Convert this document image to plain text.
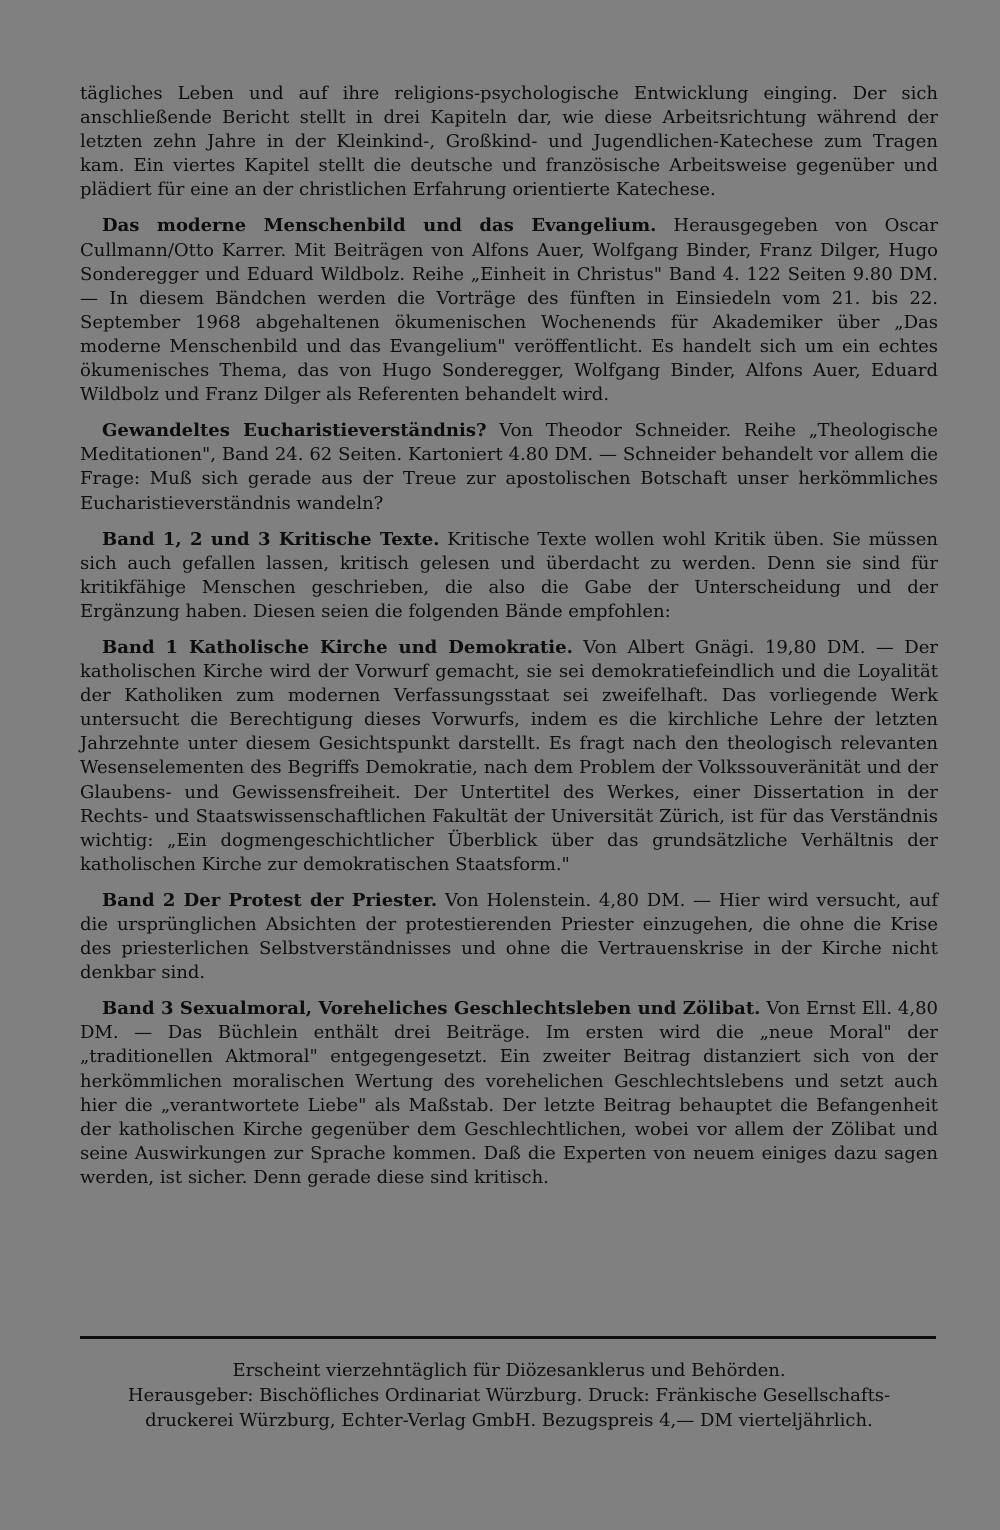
tägliches Leben und auf ihre religions-psychologische Entwicklung einging. Der sich anschließende Bericht stellt in drei Kapiteln dar, wie diese Arbeitsrichtung während der letzten zehn Jahre in der Kleinkind-, Großkind- und Jugendlichen-Katechese zum Tragen kam. Ein viertes Kapitel stellt die deutsche und französische Arbeitsweise gegenüber und plädiert für eine an der christlichen Erfahrung orientierte Katechese.

Das moderne Menschenbild und das Evangelium. Herausgegeben von Oscar Cullmann/Otto Karrer. Mit Beiträgen von Alfons Auer, Wolfgang Binder, Franz Dilger, Hugo Sonderegger und Eduard Wildbolz. Reihe „Einheit in Christus" Band 4. 122 Seiten 9.80 DM. — In diesem Bändchen werden die Vorträge des fünften in Einsiedeln vom 21. bis 22. September 1968 abgehaltenen ökumenischen Wochenends für Akademiker über „Das moderne Menschenbild und das Evangelium" veröffentlicht. Es handelt sich um ein echtes ökumenisches Thema, das von Hugo Sonderegger, Wolfgang Binder, Alfons Auer, Eduard Wildbolz und Franz Dilger als Referenten behandelt wird.

Gewandeltes Eucharistieverständnis? Von Theodor Schneider. Reihe „Theologische Meditationen", Band 24. 62 Seiten. Kartoniert 4.80 DM. — Schneider behandelt vor allem die Frage: Muß sich gerade aus der Treue zur apostolischen Botschaft unser herkömmliches Eucharistieverständnis wandeln?

Band 1, 2 und 3 Kritische Texte. Kritische Texte wollen wohl Kritik üben. Sie müssen sich auch gefallen lassen, kritisch gelesen und überdacht zu werden. Denn sie sind für kritikfähige Menschen geschrieben, die also die Gabe der Unterscheidung und der Ergänzung haben. Diesen seien die folgenden Bände empfohlen:

Band 1 Katholische Kirche und Demokratie. Von Albert Gnägi. 19,80 DM. — Der katholischen Kirche wird der Vorwurf gemacht, sie sei demokratiefeindlich und die Loyalität der Katholiken zum modernen Verfassungsstaat sei zweifelhaft. Das vorliegende Werk untersucht die Berechtigung dieses Vorwurfs, indem es die kirchliche Lehre der letzten Jahrzehnte unter diesem Gesichtspunkt darstellt. Es fragt nach den theologisch relevanten Wesenselementen des Begriffs Demokratie, nach dem Problem der Volkssouveränität und der Glaubens- und Gewissensfreiheit. Der Untertitel des Werkes, einer Dissertation in der Rechts- und Staatswissenschaftlichen Fakultät der Universität Zürich, ist für das Verständnis wichtig: „Ein dogmengeschichtlicher Überblick über das grundsätzliche Verhältnis der katholischen Kirche zur demokratischen Staatsform."

Band 2 Der Protest der Priester. Von Holenstein. 4,80 DM. — Hier wird versucht, auf die ursprünglichen Absichten der protestierenden Priester einzugehen, die ohne die Krise des priesterlichen Selbstverständnisses und ohne die Vertrauenskrise in der Kirche nicht denkbar sind.

Band 3 Sexualmoral, Voreheliches Geschlechtsleben und Zölibat. Von Ernst Ell. 4,80 DM. — Das Büchlein enthält drei Beiträge. Im ersten wird die „neue Moral" der „traditionellen Aktmoral" entgegengesetzt. Ein zweiter Beitrag distanziert sich von der herkömmlichen moralischen Wertung des vorehelichen Geschlechtslebens und setzt auch hier die „verantwortete Liebe" als Maßstab. Der letzte Beitrag behauptet die Befangenheit der katholischen Kirche gegenüber dem Geschlechtlichen, wobei vor allem der Zölibat und seine Auswirkungen zur Sprache kommen. Daß die Experten von neuem einiges dazu sagen werden, ist sicher. Denn gerade diese sind kritisch.

Erscheint vierzehntäglich für Diözesanklerus und Behörden.
Herausgeber: Bischöfliches Ordinariat Würzburg. Druck: Fränkische Gesellschafts-
druckerei Würzburg, Echter-Verlag GmbH. Bezugspreis 4,— DM vierteljährlich.
